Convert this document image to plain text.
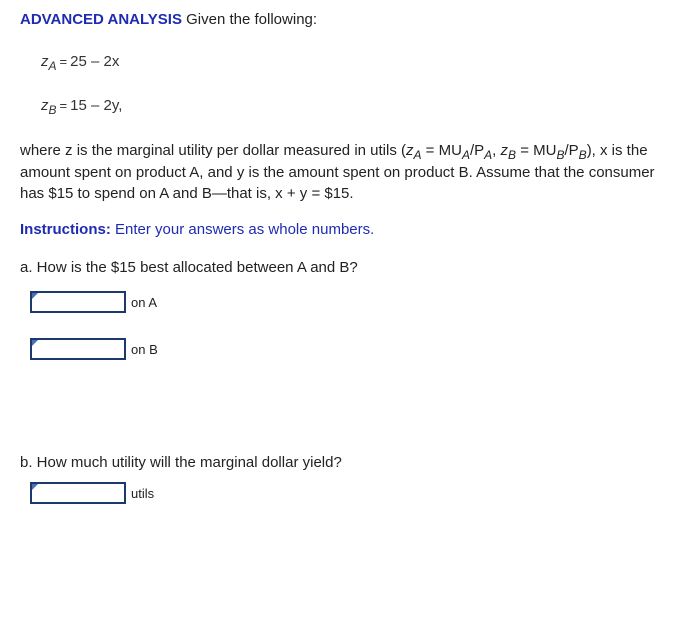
ADVANCED ANALYSIS Given the following:
$z_A = 25 - 2x$
$z_B = 15 - 2y$,
where z is the marginal utility per dollar measured in utils ($z_A = MU_A/P_A$, $z_B = MU_B/P_B$), x is the amount spent on product A, and y is the amount spent on product B. Assume that the consumer has $15 to spend on A and B—that is, x + y = $15.
Instructions: Enter your answers as whole numbers.
a. How is the $15 best allocated between A and B?
on A
on B
b. How much utility will the marginal dollar yield?
utils
